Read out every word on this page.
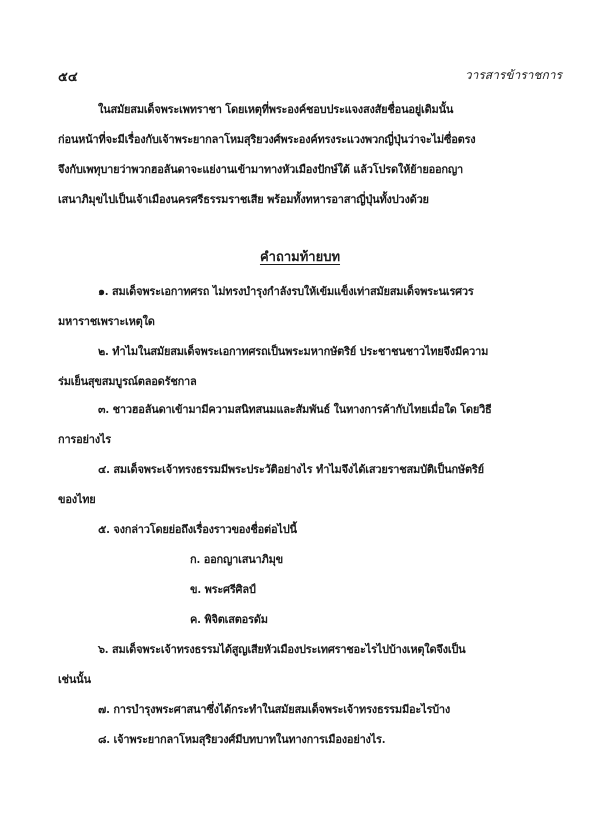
๕๔	วารสารข้าราชการ
ในสมัยสมเด็จพระเพทราชา โดยเหตุที่พระองค์ชอบประแจงสงสัยชื่อนอยู่เดิมนั้น
ก่อนหน้าที่จะมีเรื่องกับเจ้าพระยากลาโหมสุริยวงศ์พระองค์ทรงระแวงพวกญี่ปุ่นว่าจะไม่ซื่อตรง
จึงกับเพทุบายว่าพวกฮอลันดาจะแย่งานเข้ามาทางหัวเมืองปักษ์ใต้ แล้วโปรดให้ย้ายออกญา
เสนาภิมุขไปเป็นเจ้าเมืองนครศรีธรรมราชเสีย พร้อมทั้งทหารอาสาญี่ปุ่นทั้งปวงด้วย
คำถามท้ายบท
๑. สมเด็จพระเอกาทศรถ ไม่ทรงบำรุงกำลังรบให้เข้มแข็งเท่าสมัยสมเด็จพระนเรศวร
มหาราชเพราะเหตุใด
๒. ทำไมในสมัยสมเด็จพระเอกาทศรถเป็นพระมหากษัตริย์ ประชาชนชาวไทยจึงมีความ
ร่มเย็นสุขสมบูรณ์ตลอดรัชกาล
๓. ชาวฮอลันดาเข้ามามีความสนิทสนมและสัมพันธ์ ในทางการค้ากับไทยเมื่อใด โดยวิธี
การอย่างไร
๔. สมเด็จพระเจ้าทรงธรรมมีพระประวัติอย่างไร ทำไมจึงได้เสวยราชสมบัติเป็นกษัตริย์
ของไทย
๕. จงกล่าวโดยย่อถึงเรื่องราวของชื่อต่อไปนี้
ก. ออกญาเสนาภิมุข
ข. พระศรีศิลป์
ค. พิจิตเสตอรดัม
๖. สมเด็จพระเจ้าทรงธรรมได้สูญเสียหัวเมืองประเทศราชอะไรไปบ้างเหตุใดจึงเป็น
เช่นนั้น
๗. การบำรุงพระศาสนาซึ่งได้กระทำในสมัยสมเด็จพระเจ้าทรงธรรมมีอะไรบ้าง
๘. เจ้าพระยากลาโหมสุริยวงศ์มีบทบาทในทางการเมืองอย่างไร.
